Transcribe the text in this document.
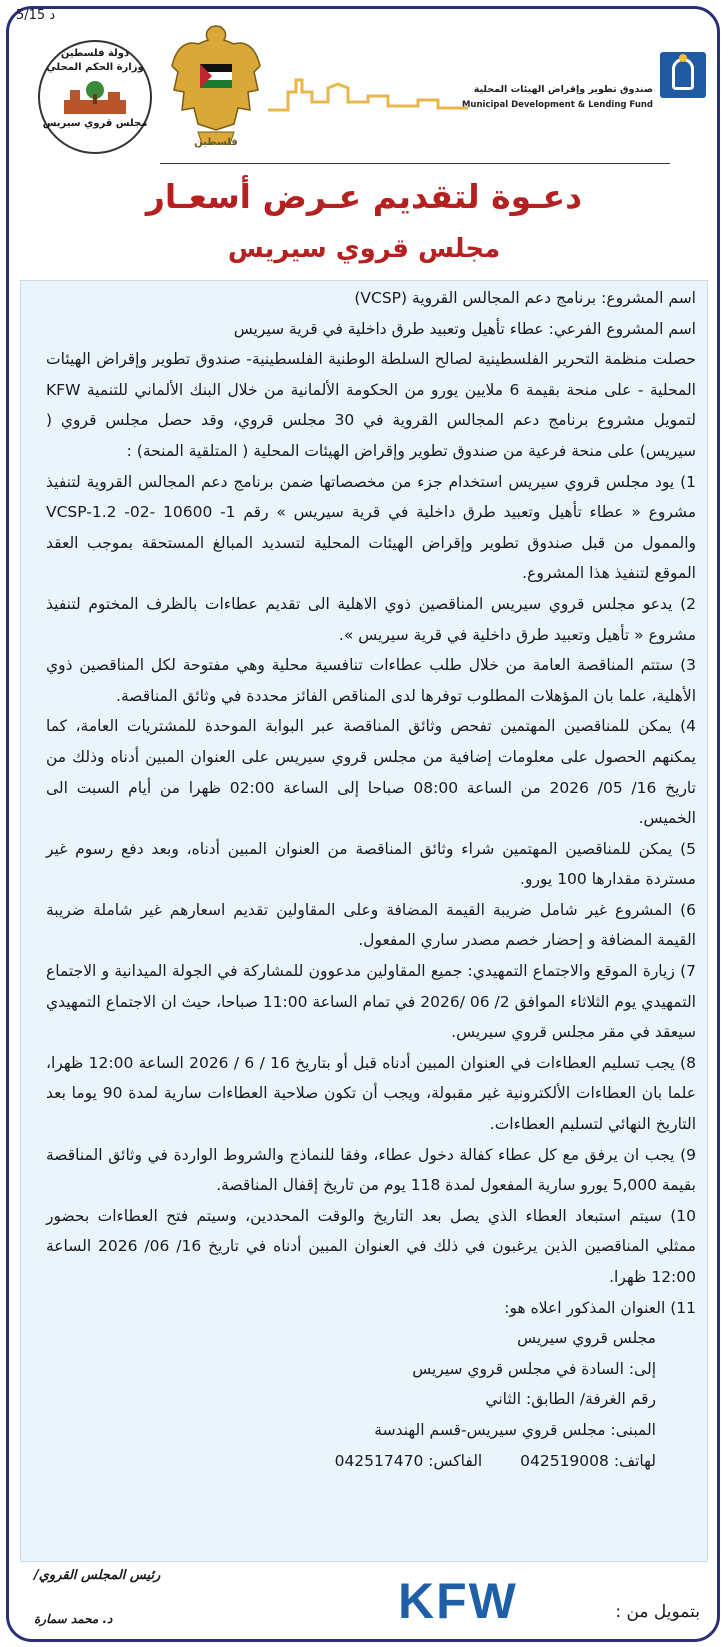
5/15 د
صندوق تطوير وإقراض الهيئات المحلية
Municipal Development & Lending Fund
فلسطين
دولة فلسطين
وزارة الحكم المحلي
مجلس قروي سيريس
دعـوة لتقديم عـرض أسعـار
مجلس قروي سيريس

اسم المشروع: برنامج دعم المجالس القروية (VCSP)

اسم المشروع الفرعي: عطاء تأهيل وتعبيد طرق داخلية في قرية سيريس

حصلت منظمة التحرير الفلسطينية لصالح السلطة الوطنية الفلسطينية- صندوق تطوير وإقراض الهيئات المحلية - على منحة بقيمة 6 ملايين يورو من الحكومة الألمانية من خلال البنك الألماني للتنمية KFW لتمويل مشروع برنامج دعم المجالس القروية في 30 مجلس قروي، وقد حصل مجلس قروي ( سيريس) على منحة فرعية من صندوق تطوير وإقراض الهيئات المحلية ( المتلقية المنحة) :

1) يود مجلس قروي سيريس استخدام جزء من مخصصاتها ضمن برنامج دعم المجالس القروية لتنفيذ مشروع « عطاء تأهيل وتعبيد طرق داخلية في قرية سيريس » رقم VCSP-1.2 -02- 10600 -1 والممول من قبل صندوق تطوير وإقراض الهيئات المحلية لتسديد المبالغ المستحقة بموجب العقد الموقع لتنفيذ هذا المشروع.

2) يدعو مجلس قروي سيريس المناقصين ذوي الاهلية الى تقديم عطاءات بالظرف المختوم لتنفيذ مشروع « تأهيل وتعبيد طرق داخلية في قرية سيريس ».

3) ستتم المناقصة العامة من خلال طلب عطاءات تنافسية محلية وهي مفتوحة لكل المناقصين ذوي الأهلية، علما بان المؤهلات المطلوب توفرها لدى المناقص الفائز محددة في وثائق المناقصة.

4) يمكن للمناقصين المهتمين تفحص وثائق المناقصة عبر البوابة الموحدة للمشتريات العامة، كما يمكنهم الحصول على معلومات إضافية من مجلس قروي سيريس على العنوان المبين أدناه وذلك من تاريخ 16/ 05/ 2026 من الساعة 08:00 صباحا إلى الساعة 02:00 ظهرا من أيام السبت الى الخميس.

5) يمكن للمناقصين المهتمين شراء وثائق المناقصة من العنوان المبين أدناه، وبعد دفع رسوم غير مستردة مقدارها 100 يورو.

6) المشروع غير شامل ضريبة القيمة المضافة وعلى المقاولين تقديم اسعارهم غير شاملة ضريبة القيمة المضافة و إحضار خصم مصدر ساري المفعول.

7) زيارة الموقع والاجتماع التمهيدي: جميع المقاولين مدعوون للمشاركة في الجولة الميدانية و الاجتماع التمهيدي يوم الثلاثاء الموافق 2/ 06 /2026 في تمام الساعة 11:00 صباحا، حيث ان الاجتماع التمهيدي سيعقد في مقر مجلس قروي سيريس.

8) يجب تسليم العطاءات في العنوان المبين أدناه قبل أو بتاريخ 16 / 6 / 2026 الساعة 12:00 ظهرا، علما بان العطاءات الألكترونية غير مقبولة، ويجب أن تكون صلاحية العطاءات سارية لمدة 90 يوما بعد التاريخ النهائي لتسليم العطاءات.

9) يجب ان يرفق مع كل عطاء كفالة دخول عطاء، وفقا للنماذج والشروط الواردة في وثائق المناقصة بقيمة 5,000 يورو سارية المفعول لمدة 118 يوم من تاريخ إقفال المناقصة.

10) سيتم استبعاد العطاء الذي يصل بعد التاريخ والوقت المحددين، وسيتم فتح العطاءات بحضور ممثلي المناقصين الذين يرغبون في ذلك في العنوان المبين أدناه في تاريخ 16/ 06/ 2026 الساعة 12:00 ظهرا.

11) العنوان المذكور اعلاه هو:

مجلس قروي سيريس

إلى: السادة في مجلس قروي سيريس

رقم الغرفة/ الطابق: الثاني

المبنى: مجلس قروي سيريس-قسم الهندسة

لهاتف: 042519008  الفاكس: 042517470

رئيس المجلس القروي/
د. محمد سمارة	KFW	بتمويل من :
